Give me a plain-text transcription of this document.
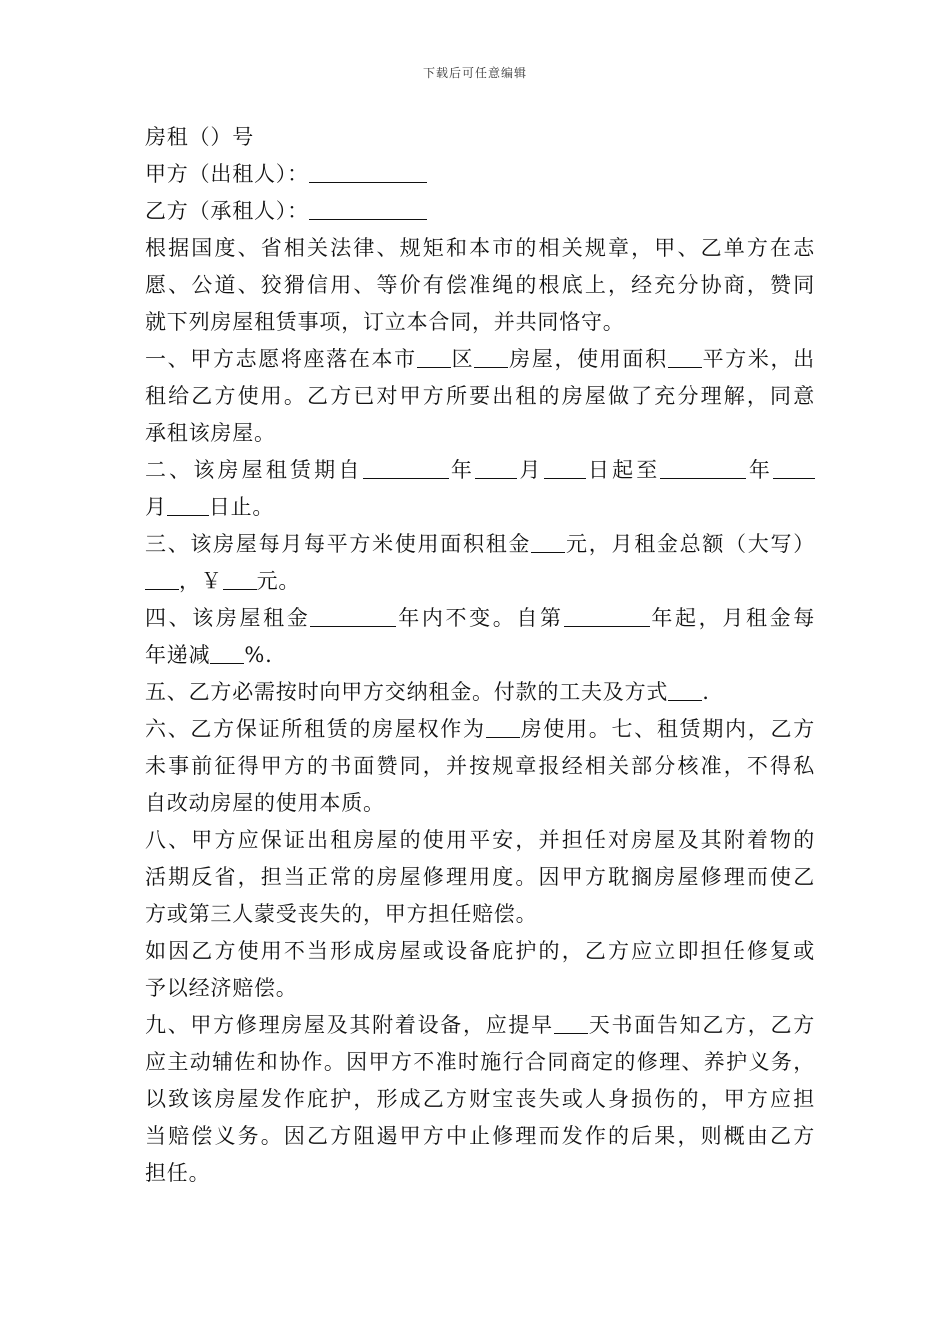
下载后可任意编辑
房租（）号
甲方（出租人）：
乙方（承租人）：
根据国度、省相关法律、规矩和本市的相关规章，甲、乙单方在志
愿、公道、狡猾信用、等价有偿准绳的根底上，经充分协商，赞同
就下列房屋租赁事项，订立本合同，并共同恪守。
一、甲方志愿将座落在本市 区 房屋，使用面积 平方米，出
租给乙方使用。乙方已对甲方所要出租的房屋做了充分理解，同意
承租该房屋。
二、该房屋租赁期自	年 月 日起至	年
月 日止。
三、该房屋每月每平方米使用面积租金 元，月租金总额（大写）
，￥ 元。
四、该房屋租金	年内不变。自第	年起，月租金每
年递减 %.
五、乙方必需按时向甲方交纳租金。付款的工夫及方式 .
六、乙方保证所租赁的房屋权作为 房使用。七、租赁期内，乙方
未事前征得甲方的书面赞同，并按规章报经相关部分核准，不得私
自改动房屋的使用本质。
八、甲方应保证出租房屋的使用平安，并担任对房屋及其附着物的
活期反省，担当正常的房屋修理用度。因甲方耽搁房屋修理而使乙
方或第三人蒙受丧失的，甲方担任赔偿。
如因乙方使用不当形成房屋或设备庇护的，乙方应立即担任修复或
予以经济赔偿。
九、甲方修理房屋及其附着设备，应提早 天书面告知乙方，乙方
应主动辅佐和协作。因甲方不准时施行合同商定的修理、养护义务，
以致该房屋发作庇护，形成乙方财宝丧失或人身损伤的，甲方应担
当赔偿义务。因乙方阻遏甲方中止修理而发作的后果，则概由乙方
担任。
